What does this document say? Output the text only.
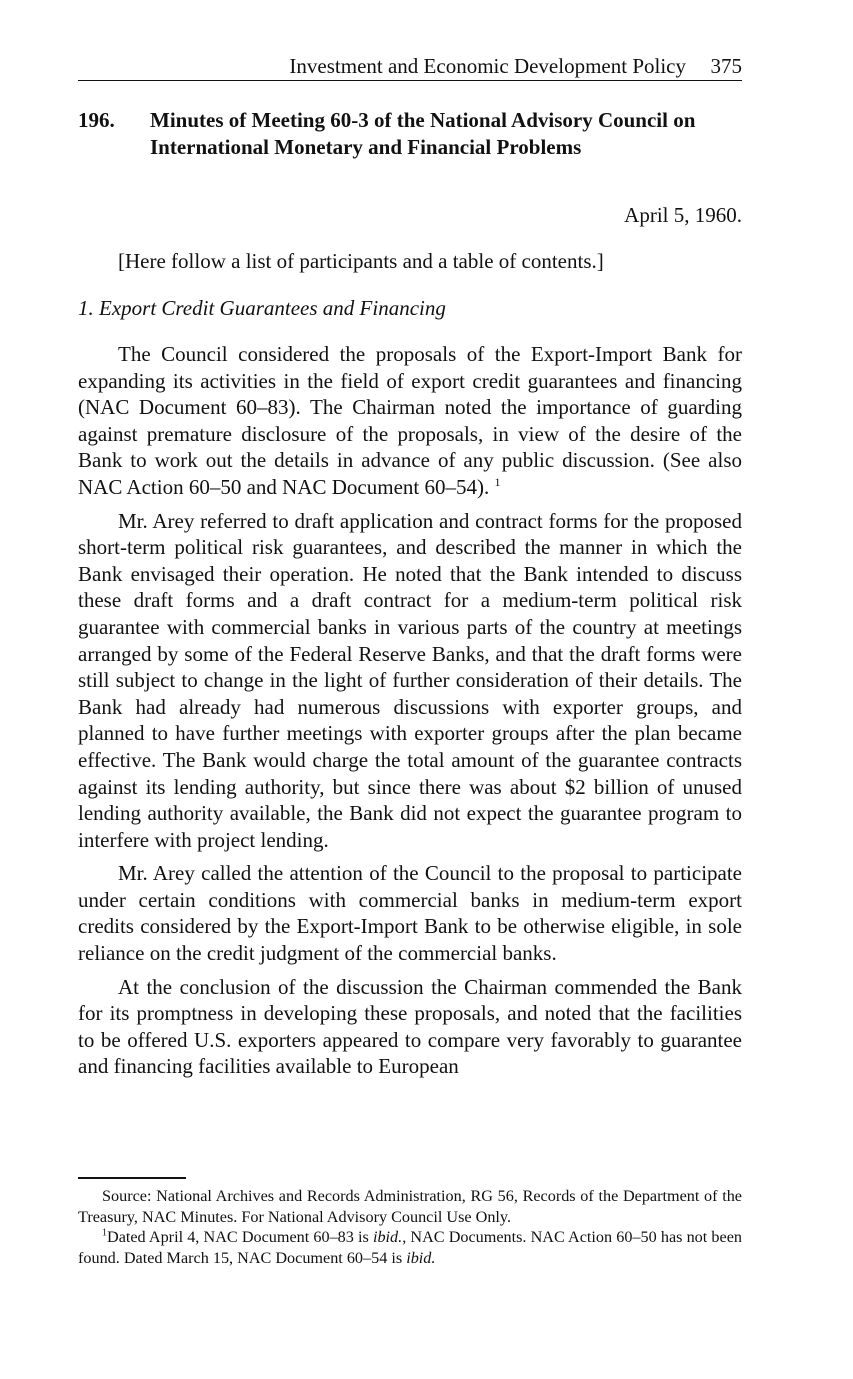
Investment and Economic Development Policy 375
196. Minutes of Meeting 60-3 of the National Advisory Council on International Monetary and Financial Problems
April 5, 1960.
[Here follow a list of participants and a table of contents.]
1. Export Credit Guarantees and Financing

The Council considered the proposals of the Export-Import Bank for expanding its activities in the field of export credit guarantees and financing (NAC Document 60–83). The Chairman noted the importance of guarding against premature disclosure of the proposals, in view of the desire of the Bank to work out the details in advance of any public discussion. (See also NAC Action 60–50 and NAC Document 60–54). $^1$

Mr. Arey referred to draft application and contract forms for the proposed short-term political risk guarantees, and described the manner in which the Bank envisaged their operation. He noted that the Bank intended to discuss these draft forms and a draft contract for a medium-term political risk guarantee with commercial banks in various parts of the country at meetings arranged by some of the Federal Reserve Banks, and that the draft forms were still subject to change in the light of further consideration of their details. The Bank had already had numerous discussions with exporter groups, and planned to have further meetings with exporter groups after the plan became effective. The Bank would charge the total amount of the guarantee contracts against its lending authority, but since there was about $2 billion of unused lending authority available, the Bank did not expect the guarantee program to interfere with project lending.

Mr. Arey called the attention of the Council to the proposal to participate under certain conditions with commercial banks in medium-term export credits considered by the Export-Import Bank to be otherwise eligible, in sole reliance on the credit judgment of the commercial banks.

At the conclusion of the discussion the Chairman commended the Bank for its promptness in developing these proposals, and noted that the facilities to be offered U.S. exporters appeared to compare very favorably to guarantee and financing facilities available to European

Source: National Archives and Records Administration, RG 56, Records of the Department of the Treasury, NAC Minutes. For National Advisory Council Use Only.

$^1$Dated April 4, NAC Document 60–83 is ibid., NAC Documents. NAC Action 60–50 has not been found. Dated March 15, NAC Document 60–54 is ibid.
